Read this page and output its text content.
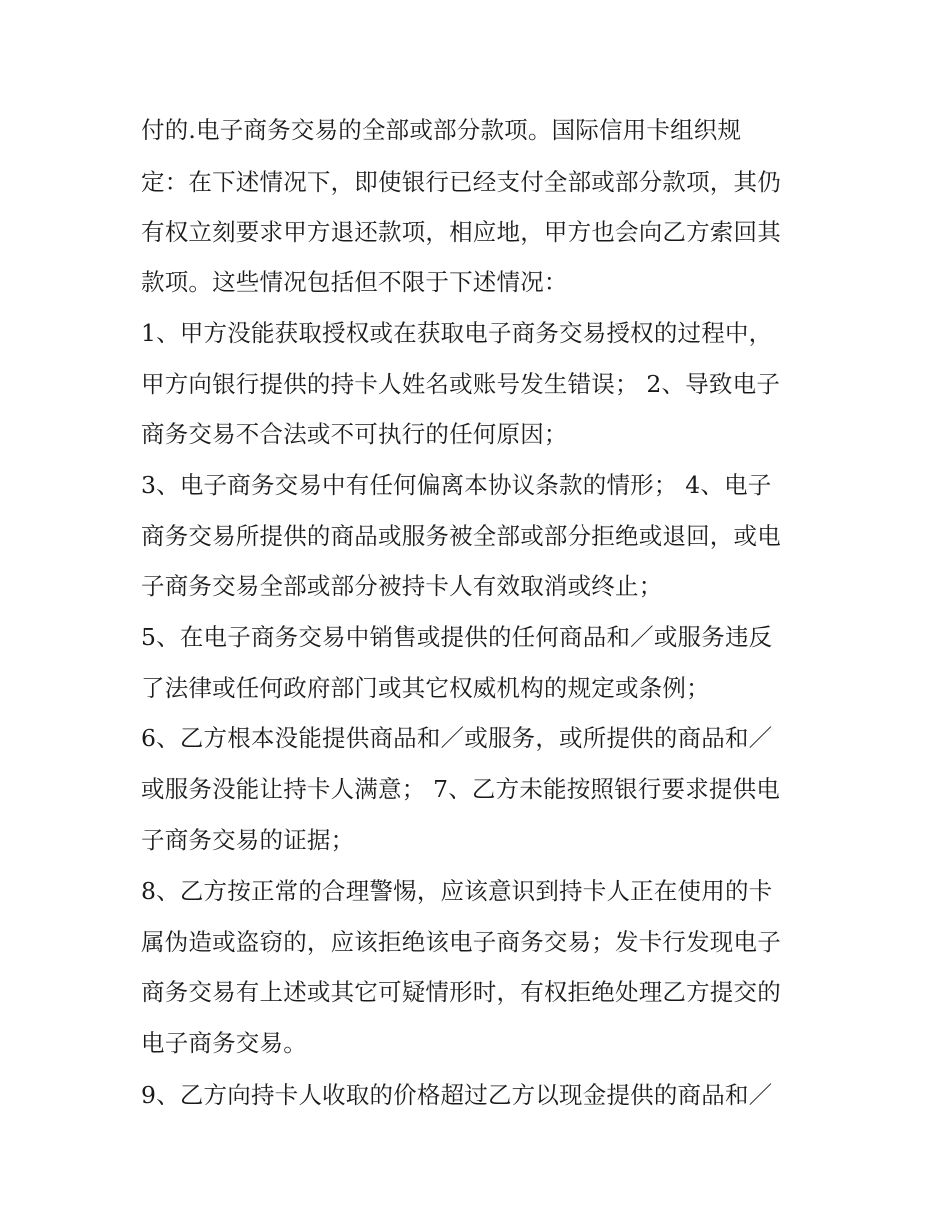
付的.电子商务交易的全部或部分款项。国际信用卡组织规
定：在下述情况下，即使银行已经支付全部或部分款项，其仍
有权立刻要求甲方退还款项，相应地，甲方也会向乙方索回其
款项。这些情况包括但不限于下述情况：
1、甲方没能获取授权或在获取电子商务交易授权的过程中，
甲方向银行提供的持卡人姓名或账号发生错误； 2、导致电子
商务交易不合法或不可执行的任何原因；
3、电子商务交易中有任何偏离本协议条款的情形； 4、电子
商务交易所提供的商品或服务被全部或部分拒绝或退回，或电
子商务交易全部或部分被持卡人有效取消或终止；
5、在电子商务交易中销售或提供的任何商品和／或服务违反
了法律或任何政府部门或其它权威机构的规定或条例；
6、乙方根本没能提供商品和／或服务，或所提供的商品和／
或服务没能让持卡人满意； 7、乙方未能按照银行要求提供电
子商务交易的证据；
8、乙方按正常的合理警惕，应该意识到持卡人正在使用的卡
属伪造或盗窃的，应该拒绝该电子商务交易；发卡行发现电子
商务交易有上述或其它可疑情形时，有权拒绝处理乙方提交的
电子商务交易。
9、乙方向持卡人收取的价格超过乙方以现金提供的商品和／
